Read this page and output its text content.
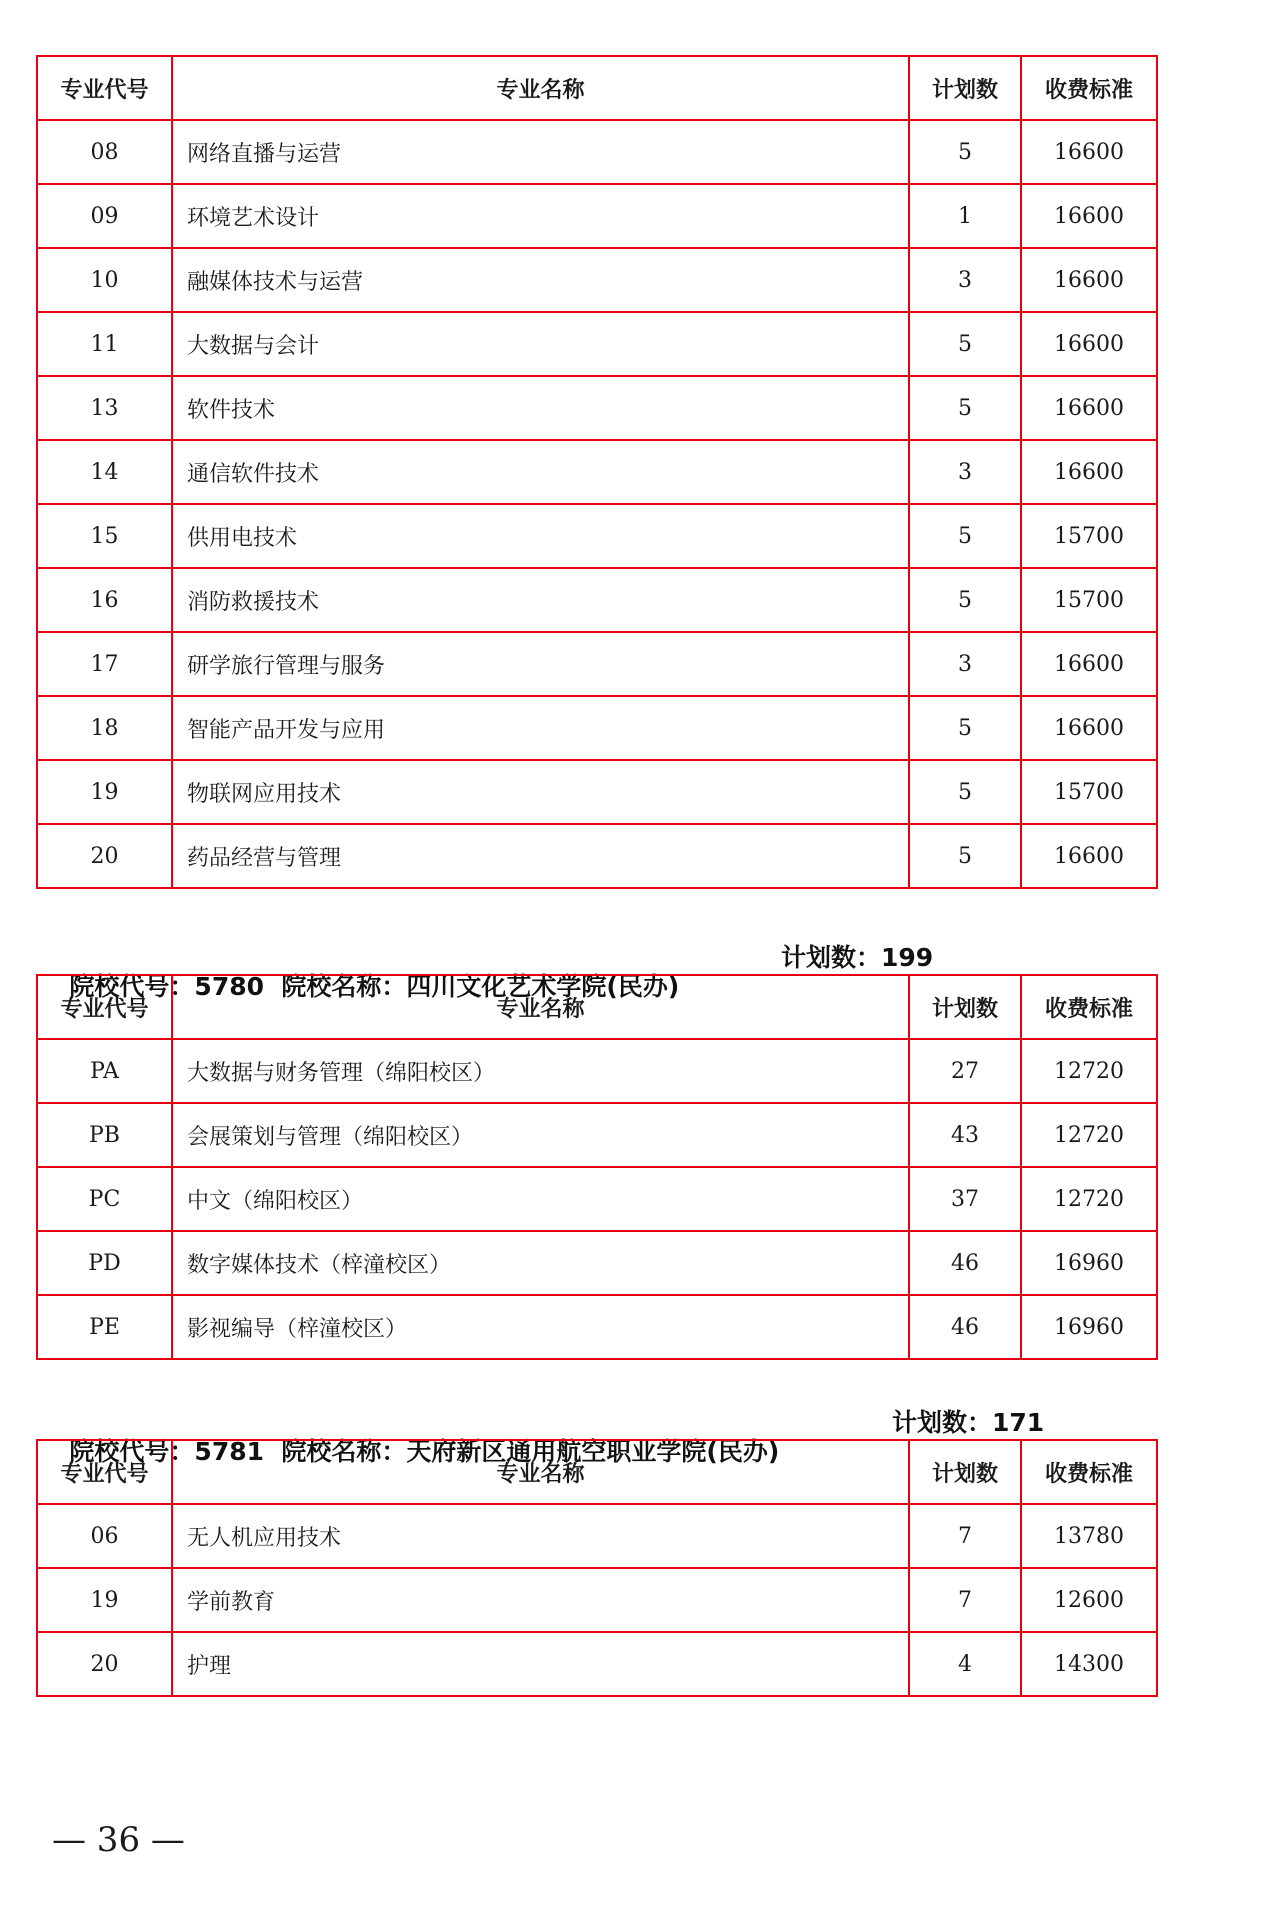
专业代号	专业名称	计划数	收费标准
08	网络直播与运营	5	16600
09	环境艺术设计	1	16600
10	融媒体技术与运营	3	16600
11	大数据与会计	5	16600
13	软件技术	5	16600
14	通信软件技术	3	16600
15	供用电技术	5	15700
16	消防救援技术	5	15700
17	研学旅行管理与服务	3	16600
18	智能产品开发与应用	5	16600
19	物联网应用技术	5	15700
20	药品经营与管理	5	16600

院校代号：5780  院校名称：四川文化艺术学院(民办)

计划数：199

专业代号	专业名称	计划数	收费标准
PA	大数据与财务管理（绵阳校区）	27	12720
PB	会展策划与管理（绵阳校区）	43	12720
PC	中文（绵阳校区）	37	12720
PD	数字媒体技术（梓潼校区）	46	16960
PE	影视编导（梓潼校区）	46	16960

院校代号：5781  院校名称：天府新区通用航空职业学院(民办)

计划数：171

专业代号	专业名称	计划数	收费标准
06	无人机应用技术	7	13780
19	学前教育	7	12600
20	护理	4	14300
— 36 —
